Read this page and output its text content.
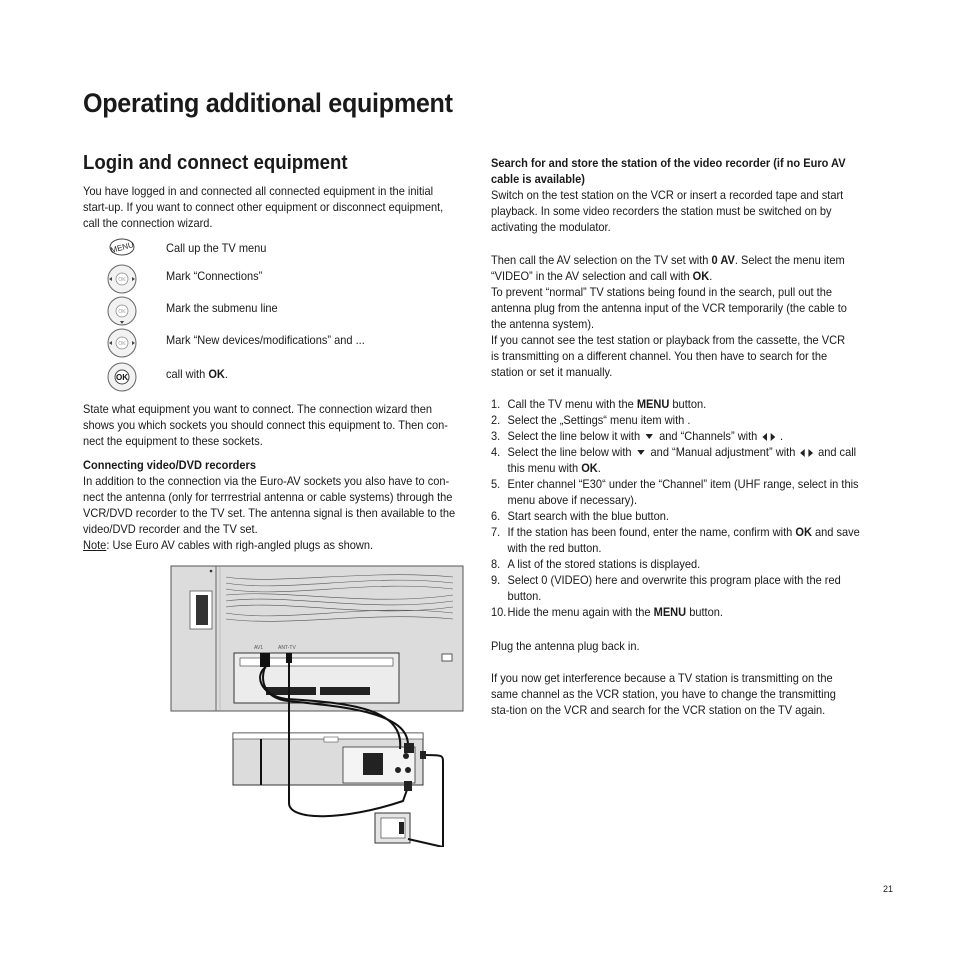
Operating additional equipment
Login and connect equipment
You have logged in and connected all connected equipment in the initial start-up. If you want to connect other equipment or disconnect equipment, call the connection wizard.
MENU	Call up the TV menu
OK	Mark “Connections”
OK	Mark the submenu line
OK	Mark “New devices/modifications” and ...
OK	call with OK.
State what equipment you want to connect. The connection wizard then shows you which sockets you should connect this equipment to. Then con-nect the equipment to these sockets.
Connecting video/DVD recorders
In addition to the connection via the Euro-AV sockets you also have to con-nect the antenna (only for terrrestrial antenna or cable systems) through the VCR/DVD recorder to the TV set. The antenna signal is then available to the video/DVD recorder and the TV set.
Note: Use Euro AV cables with righ-angled plugs as shown.
AV1	ANT-TV
Search for and store the station of the video recorder (if no Euro AV cable is available)
Switch on the test station on the VCR or insert a recorded tape and start playback. In some video recorders the station must be switched on by activating the modulator.
Then call the AV selection on the TV set with 0 AV. Select the menu item “VIDEO” in the AV selection and call with OK.
To prevent “normal” TV stations being found in the search, pull out the antenna plug from the antenna input of the VCR temporarily (the cable to the antenna system).
If you cannot see the test station or playback from the cassette, the VCR is transmitting on a different channel. You then have to search for the station or set it manually.
1. Call the TV menu with the MENU button.
2. Select the „Settings“ menu item with .
3. Select the line below it with  and “Channels” with  .
4. Select the line below with  and “Manual adjustment” with  and call this menu with OK.
5. Enter channel “E30“ under the “Channel” item (UHF range, select in this menu above if necessary).
6. Start search with the blue button.
7. If the station has been found, enter the name, confirm with OK and save with the red button.
8. A list of the stored stations is displayed.
9. Select 0 (VIDEO) here and overwrite this program place with the red button.
10. Hide the menu again with the MENU button.
Plug the antenna plug back in.
If you now get interference because a TV station is transmitting on the same channel as the VCR station, you have to change the transmitting sta-tion on the VCR and search for the VCR station on the TV again.
21
